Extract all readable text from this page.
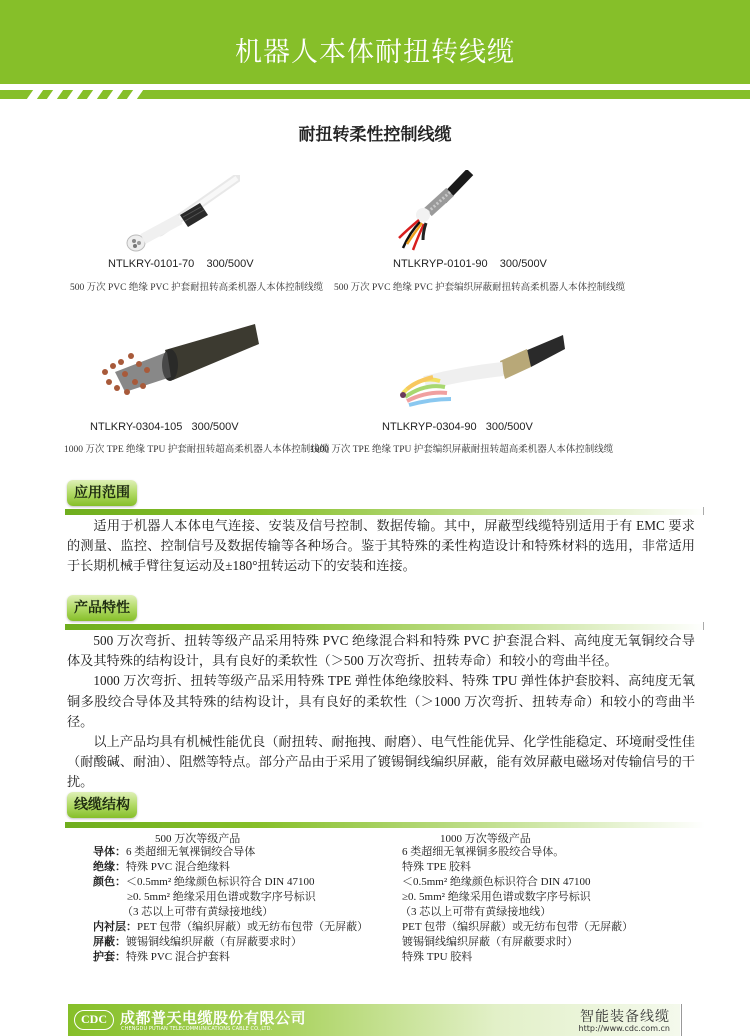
机器人本体耐扭转线缆
耐扭转柔性控制线缆
NTLKRY-0101-70    300/500V
500 万次 PVC 绝缘 PVC 护套耐扭转高柔机器人本体控制线缆
NTLKRYP-0101-90    300/500V
500 万次 PVC 绝缘 PVC 护套编织屏蔽耐扭转高柔机器人本体控制线缆
NTLKRY-0304-105   300/500V
1000 万次 TPE 绝缘 TPU 护套耐扭转超高柔机器人本体控制线缆
NTLKRYP-0304-90   300/500V
1000 万次 TPE 绝缘 TPU 护套编织屏蔽耐扭转超高柔机器人本体控制线缆
应用范围

适用于机器人本体电气连接、安装及信号控制、数据传输。其中，屏蔽型线缆特别适用于有 EMC 要求的测量、监控、控制信号及数据传输等各种场合。鉴于其特殊的柔性构造设计和特殊材料的选用，非常适用于长期机械手臂往复运动及±180°扭转运动下的安装和连接。

产品特性

500 万次弯折、扭转等级产品采用特殊 PVC 绝缘混合料和特殊 PVC 护套混合料、高纯度无氧铜绞合导体及其特殊的结构设计，具有良好的柔软性（＞500 万次弯折、扭转寿命）和较小的弯曲半径。

1000 万次弯折、扭转等级产品采用特殊 TPE 弹性体绝缘胶料、特殊 TPU 弹性体护套胶料、高纯度无氧铜多股绞合导体及其特殊的结构设计，具有良好的柔软性（＞1000 万次弯折、扭转寿命）和较小的弯曲半径。

以上产品均具有机械性能优良（耐扭转、耐拖拽、耐磨）、电气性能优异、化学性能稳定、环境耐受性佳（耐酸碱、耐油）、阻燃等特点。部分产品由于采用了镀锡铜线编织屏蔽，能有效屏蔽电磁场对传输信号的干扰。

线缆结构
500 万次等级产品	1000 万次等级产品
导体：6 类超细无氧裸铜绞合导体	6 类超细无氧裸铜多股绞合导体。
绝缘：特殊 PVC 混合绝缘料	特殊 TPE 胶料
颜色：＜0.5mm² 绝缘颜色标识符合 DIN 47100	＜0.5mm² 绝缘颜色标识符合 DIN 47100
≥0. 5mm² 绝缘采用色谱或数字序号标识	≥0. 5mm² 绝缘采用色谱或数字序号标识
（3 芯以上可带有黄绿接地线）	（3 芯以上可带有黄绿接地线）
内衬层：PET 包带（编织屏蔽）或无纺布包带（无屏蔽）	PET 包带（编织屏蔽）或无纺布包带（无屏蔽）
屏蔽：镀锡铜线编织屏蔽（有屏蔽要求时）	镀锡铜线编织屏蔽（有屏蔽要求时）
护套：特殊 PVC 混合护套料	特殊 TPU 胶料
CDC 成都普天电缆股份有限公司
CHENGDU PUTIAN TELECOMMUNICATIONS CABLE CO.,LTD.
智能装备线缆
http://www.cdc.com.cn
